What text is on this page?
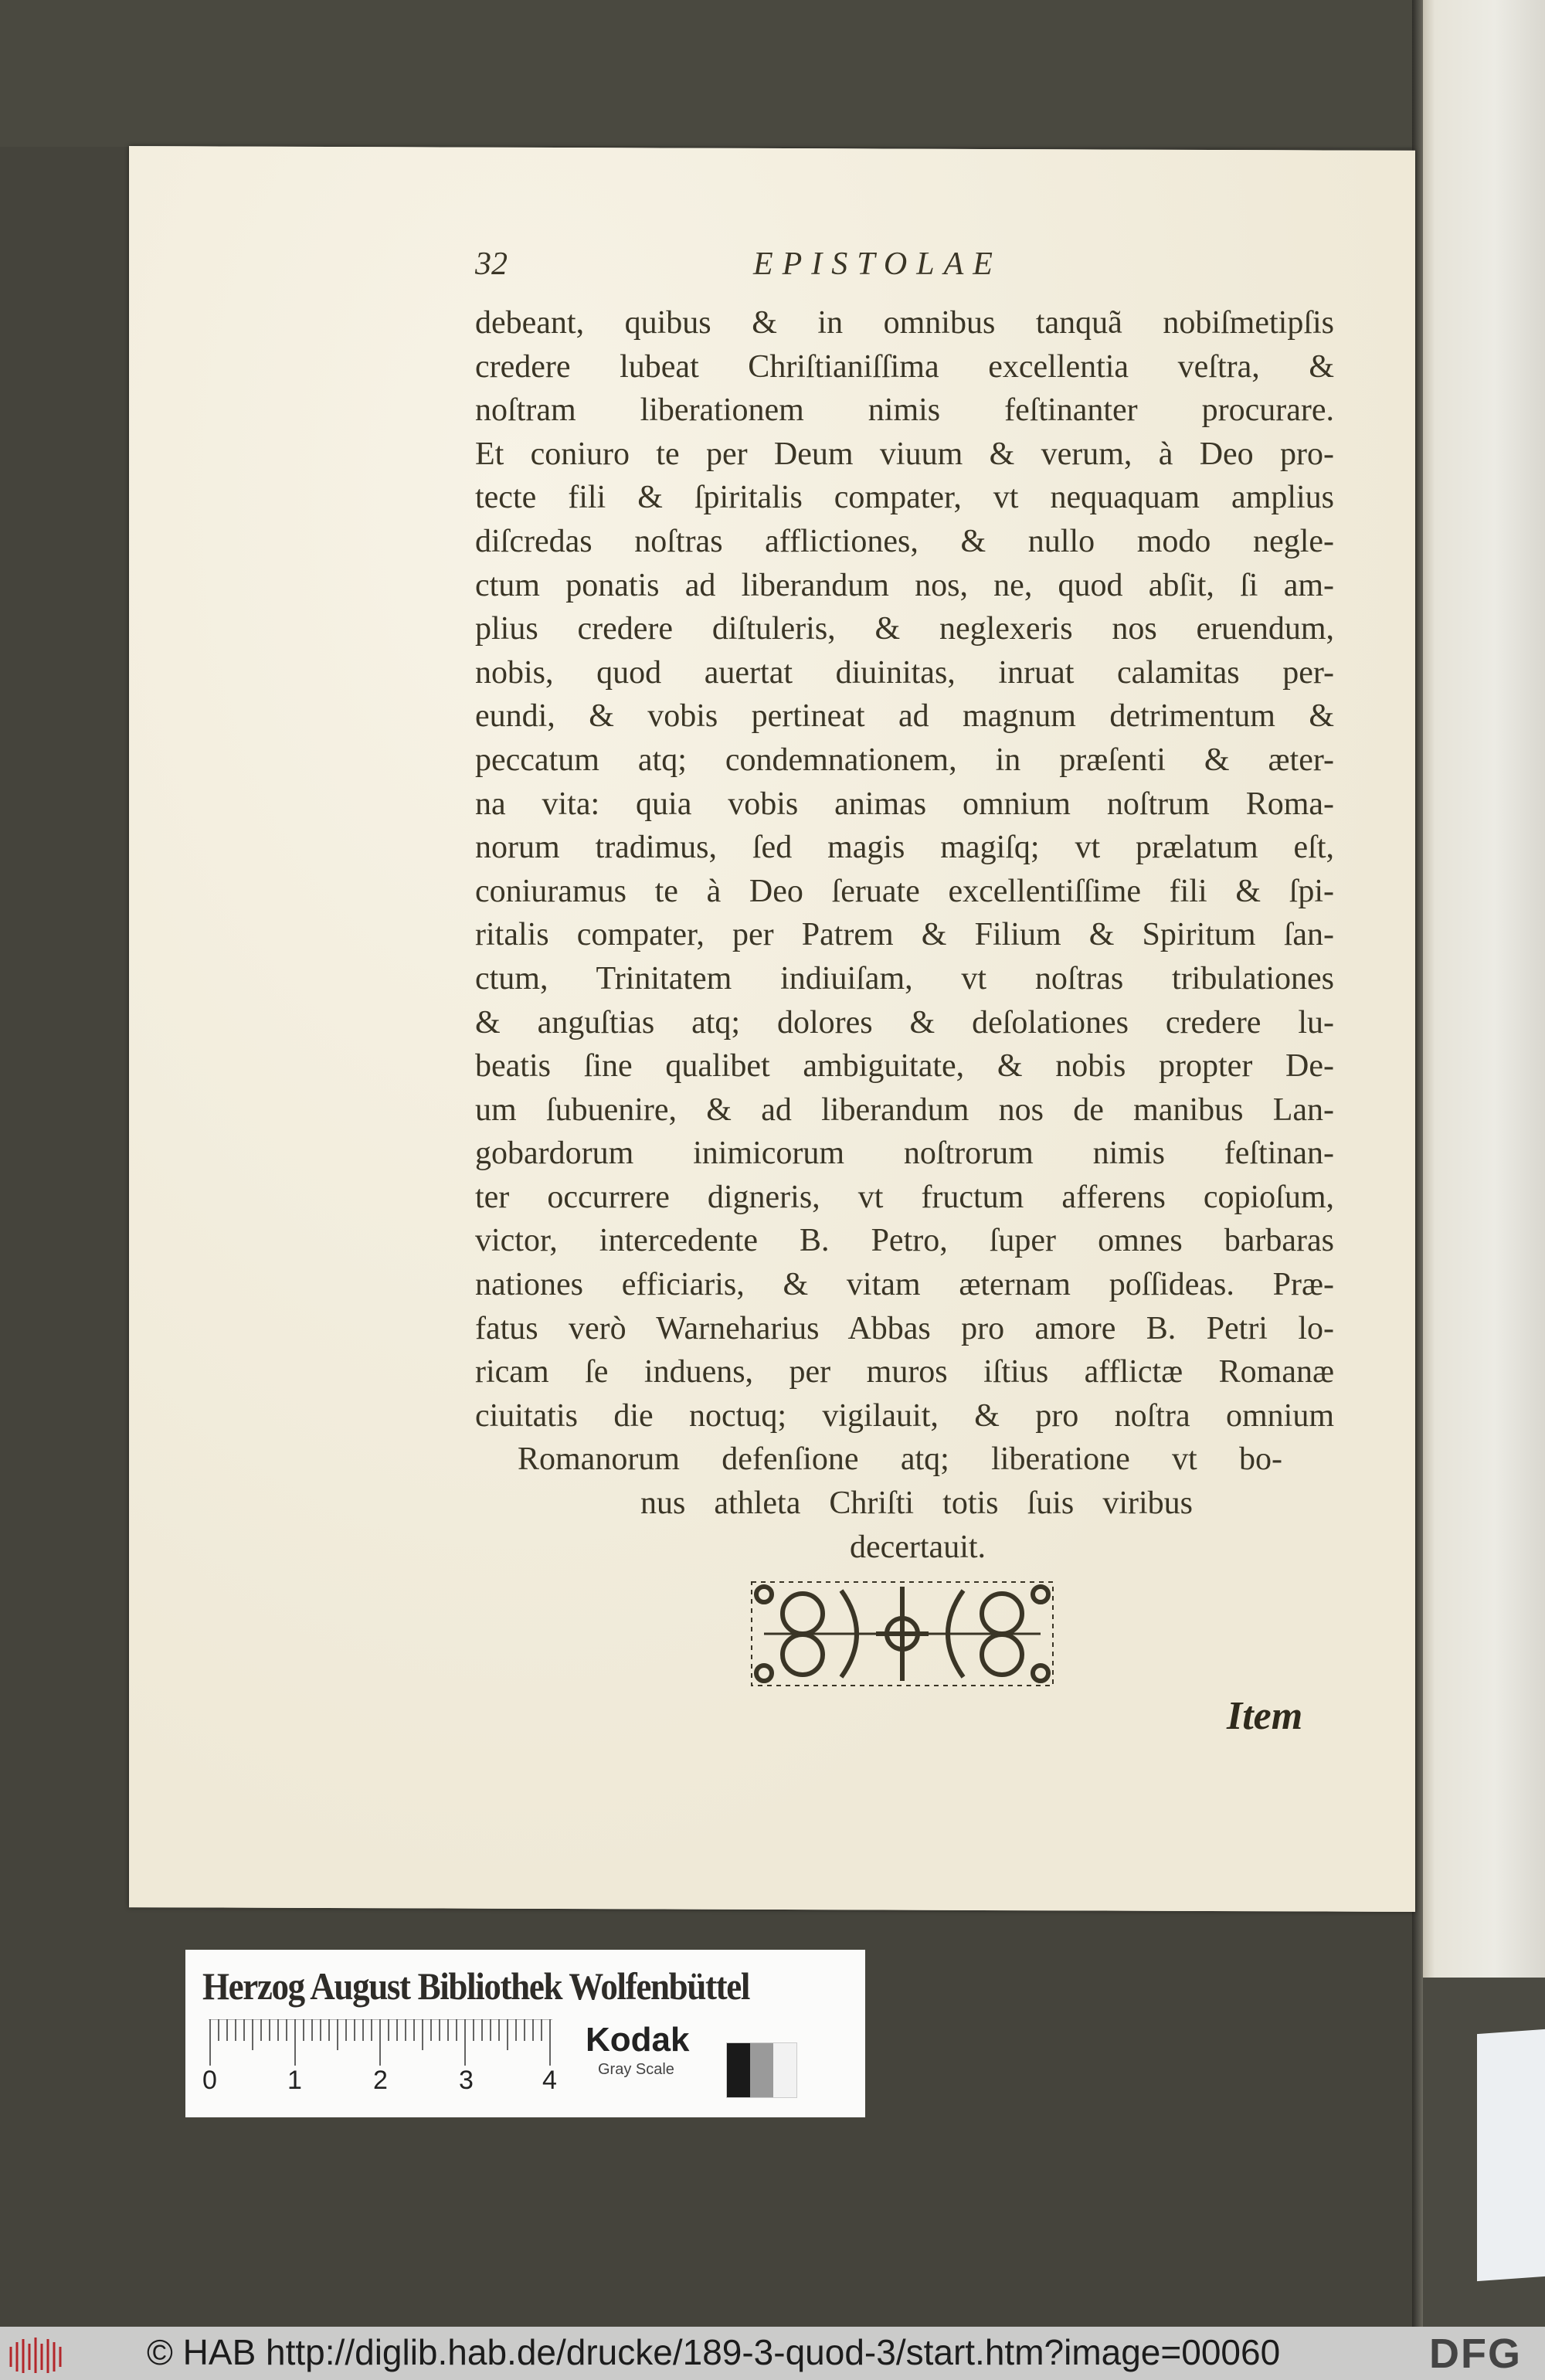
32	EPISTOLAE
debeant, quibus & in omnibus tanquã nobiſmetipſis
credere lubeat Chriſtianiſſima excellentia veſtra, &
noſtram liberationem nimis feſtinanter procurare.
Et coniuro te per Deum viuum & verum, à Deo pro-
tecte fili & ſpiritalis compater, vt nequaquam amplius
diſcredas noſtras afflictiones, & nullo modo negle-
ctum ponatis ad liberandum nos, ne, quod abſit, ſi am-
plius credere diſtuleris, & neglexeris nos eruendum,
nobis, quod auertat diuinitas, inruat calamitas per-
eundi, & vobis pertineat ad magnum detrimentum &
peccatum atq; condemnationem, in præſenti & æter-
na vita: quia vobis animas omnium noſtrum Roma-
norum tradimus, ſed magis magiſq; vt prælatum eſt,
coniuramus te à Deo ſeruate excellentiſſime fili & ſpi-
ritalis compater, per Patrem & Filium & Spiritum ſan-
ctum, Trinitatem indiuiſam, vt noſtras tribulationes
& anguſtias atq; dolores & deſolationes credere lu-
beatis ſine qualibet ambiguitate, & nobis propter De-
um ſubuenire, & ad liberandum nos de manibus Lan-
gobardorum inimicorum noſtrorum nimis feſtinan-
ter occurrere digneris, vt fructum afferens copioſum,
victor, intercedente B. Petro, ſuper omnes barbaras
nationes efficiaris, & vitam æternam poſſideas. Præ-
fatus verò Warneharius Abbas pro amore B. Petri lo-
ricam ſe induens, per muros iſtius afflictæ Romanæ
ciuitatis die noctuq; vigilauit, & pro noſtra omnium
Romanorum defenſione atq; liberatione vt bo-
nus athleta Chriſti totis ſuis viribus
decertauit.
Item
Herzog August Bibliothek Wolfenbüttel
0	1	2	3	4
Kodak
Gray Scale
© HAB http://diglib.hab.de/drucke/189-3-quod-3/start.htm?image=00060	DFG
